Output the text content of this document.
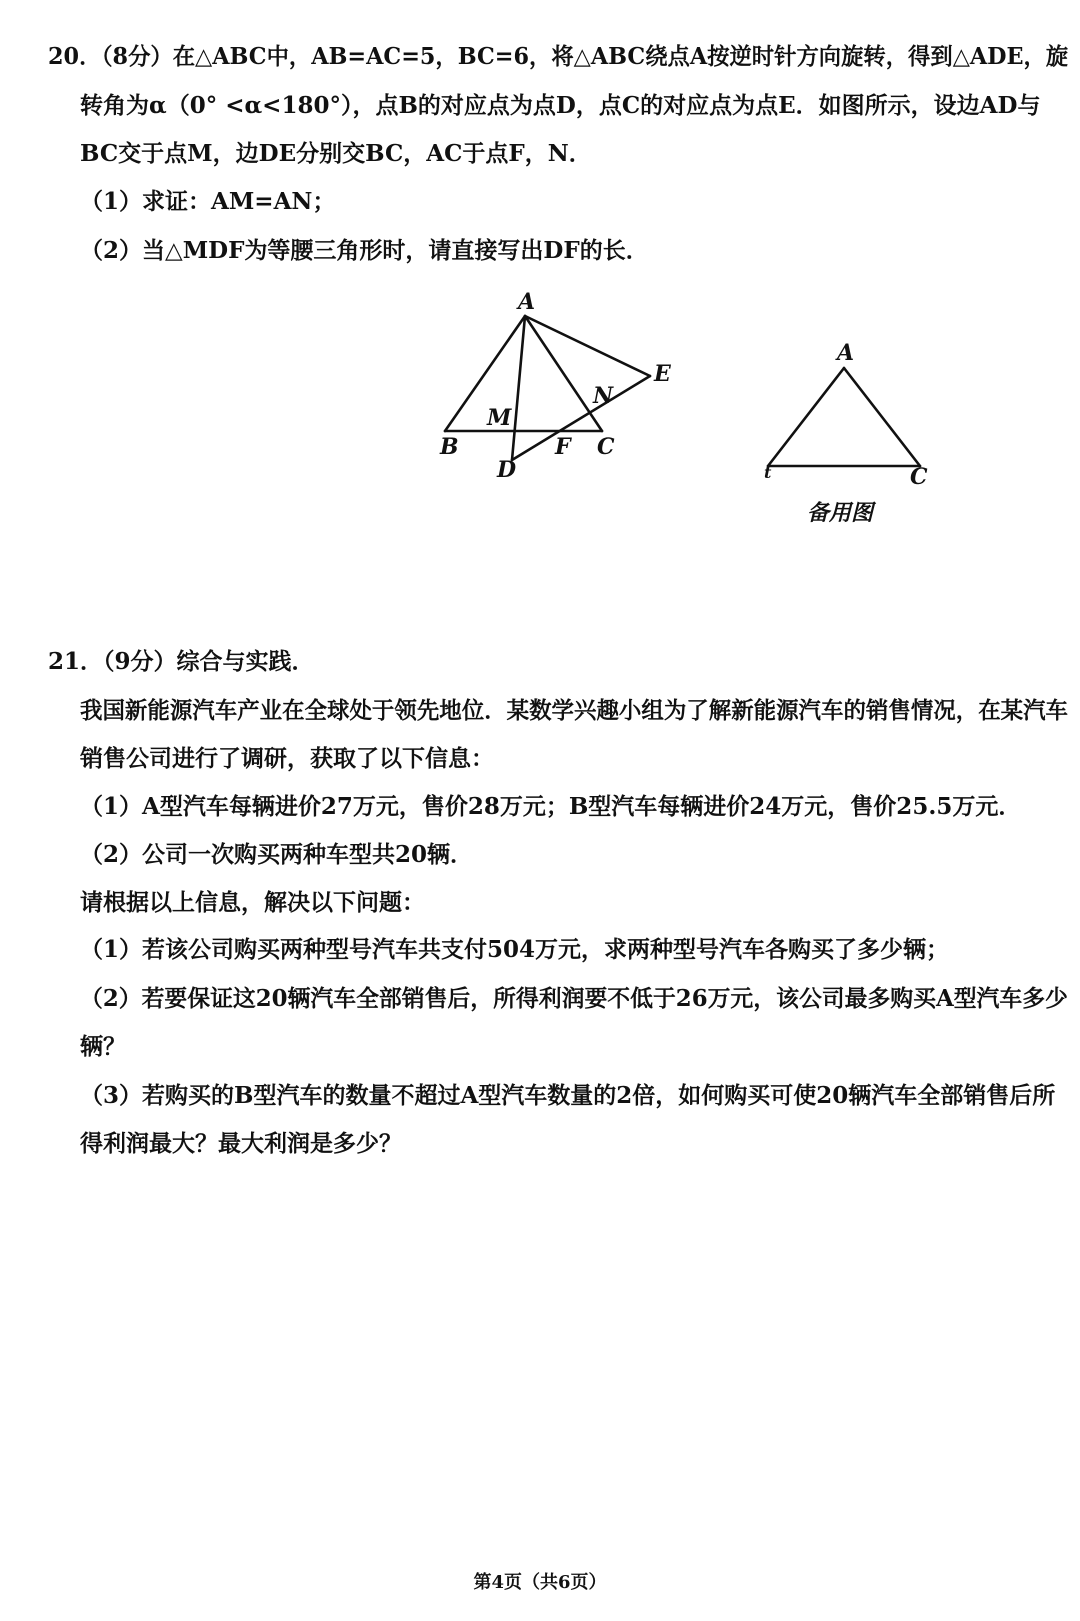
20．（8分）在△ABC中，AB=AC=5，BC=6，将△ABC绕点A按逆时针方向旋转，得到△ADE，旋
转角为α（0° <α<180°），点B的对应点为点D，点C的对应点为点E．如图所示，设边AD与
BC交于点M，边DE分别交BC，AC于点F，N．
（1）求证：AM=AN；
（2）当△MDF为等腰三角形时，请直接写出DF的长．
A
B	C
D
E
M
F
N
A
t	C
备用图
21．（9分）综合与实践．
我国新能源汽车产业在全球处于领先地位．某数学兴趣小组为了解新能源汽车的销售情况，在某汽车
销售公司进行了调研，获取了以下信息：
（1）A型汽车每辆进价27万元，售价28万元；B型汽车每辆进价24万元，售价25.5万元．
（2）公司一次购买两种车型共20辆．
请根据以上信息，解决以下问题：
（1）若该公司购买两种型号汽车共支付504万元，求两种型号汽车各购买了多少辆；
（2）若要保证这20辆汽车全部销售后，所得利润要不低于26万元，该公司最多购买A型汽车多少
辆？
（3）若购买的B型汽车的数量不超过A型汽车数量的2倍，如何购买可使20辆汽车全部销售后所
得利润最大？最大利润是多少？
第4页（共6页）
